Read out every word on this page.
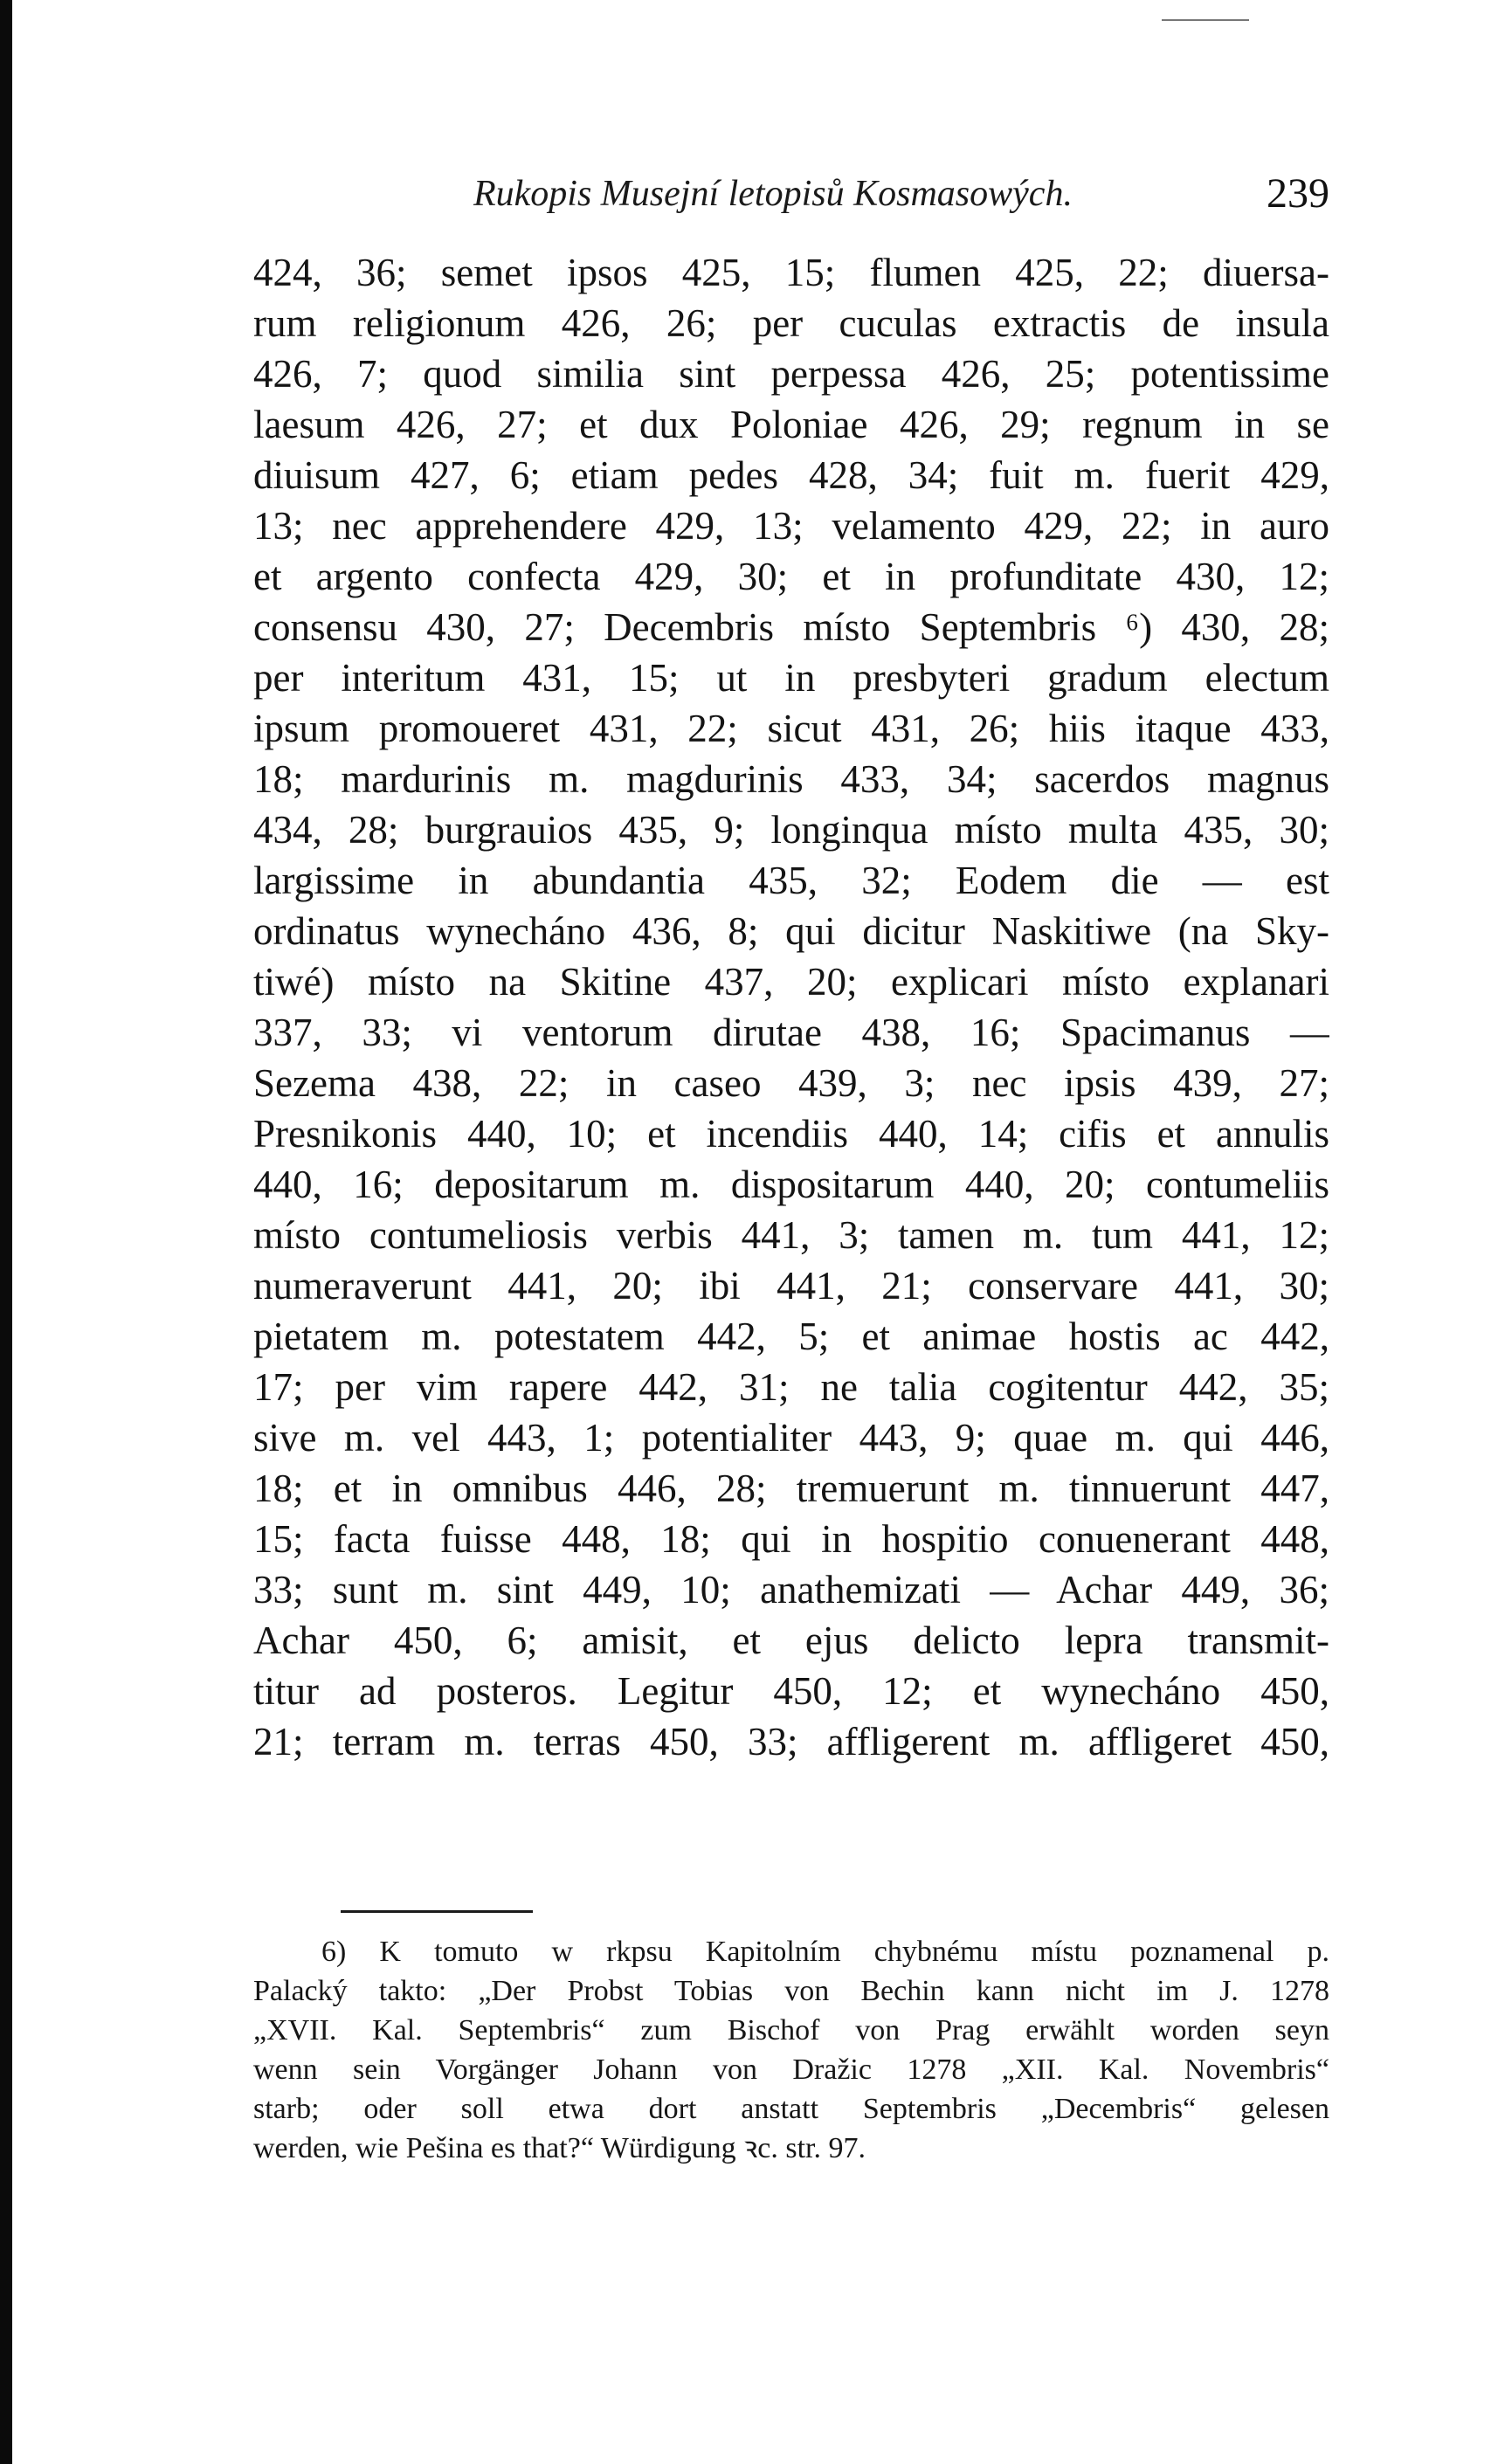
Rukopis Musejní letopisů Kosmasowých.	239
424, 36; semet ipsos 425, 15; flumen 425, 22; diuersa-
rum religionum 426, 26; per cuculas extractis de insula
426, 7; quod similia sint perpessa 426, 25; potentissime
laesum 426, 27; et dux Poloniae 426, 29; regnum in se
diuisum 427, 6; etiam pedes 428, 34; fuit m. fuerit 429,
13; nec apprehendere 429, 13; velamento 429, 22; in auro
et argento confecta 429, 30; et in profunditate 430, 12;
consensu 430, 27; Decembris místo Septembris ⁶) 430, 28;
per interitum 431, 15; ut in presbyteri gradum electum
ipsum promoueret 431, 22; sicut 431, 26; hiis itaque 433,
18; mardurinis m. magdurinis 433, 34; sacerdos magnus
434, 28; burgrauios 435, 9; longinqua místo multa 435, 30;
largissime in abundantia 435, 32; Eodem die — est
ordinatus wynecháno 436, 8; qui dicitur Naskitiwe (na Sky-
tiwé) místo na Skitine 437, 20; explicari místo explanari
337, 33; vi ventorum dirutae 438, 16; Spacimanus —
Sezema 438, 22; in caseo 439, 3; nec ipsis 439, 27;
Presnikonis 440, 10; et incendiis 440, 14; cifis et annulis
440, 16; depositarum m. dispositarum 440, 20; contumeliis
místo contumeliosis verbis 441, 3; tamen m. tum 441, 12;
numeraverunt 441, 20; ibi 441, 21; conservare 441, 30;
pietatem m. potestatem 442, 5; et animae hostis ac 442,
17; per vim rapere 442, 31; ne talia cogitentur 442, 35;
sive m. vel 443, 1; potentialiter 443, 9; quae m. qui 446,
18; et in omnibus 446, 28; tremuerunt m. tinnuerunt 447,
15; facta fuisse 448, 18; qui in hospitio conuenerant 448,
33; sunt m. sint 449, 10; anathemizati — Achar 449, 36;
Achar 450, 6; amisit, et ejus delicto lepra transmit-
titur ad posteros. Legitur 450, 12; et wynecháno 450,
21; terram m. terras 450, 33; affligerent m. affligeret 450,
6) K tomuto w rkpsu Kapitolním chybnému místu poznamenal p.
Palacký takto: „Der Probst Tobias von Bechin kann nicht im J. 1278
„XVII. Kal. Septembris“ zum Bischof von Prag erwählt worden seyn
wenn sein Vorgänger Johann von Dražic 1278 „XII. Kal. Novembris“
starb; oder soll etwa dort anstatt Septembris „Decembris“ gelesen
werden, wie Pešina es that?“ Würdigung ꝛc. str. 97.
